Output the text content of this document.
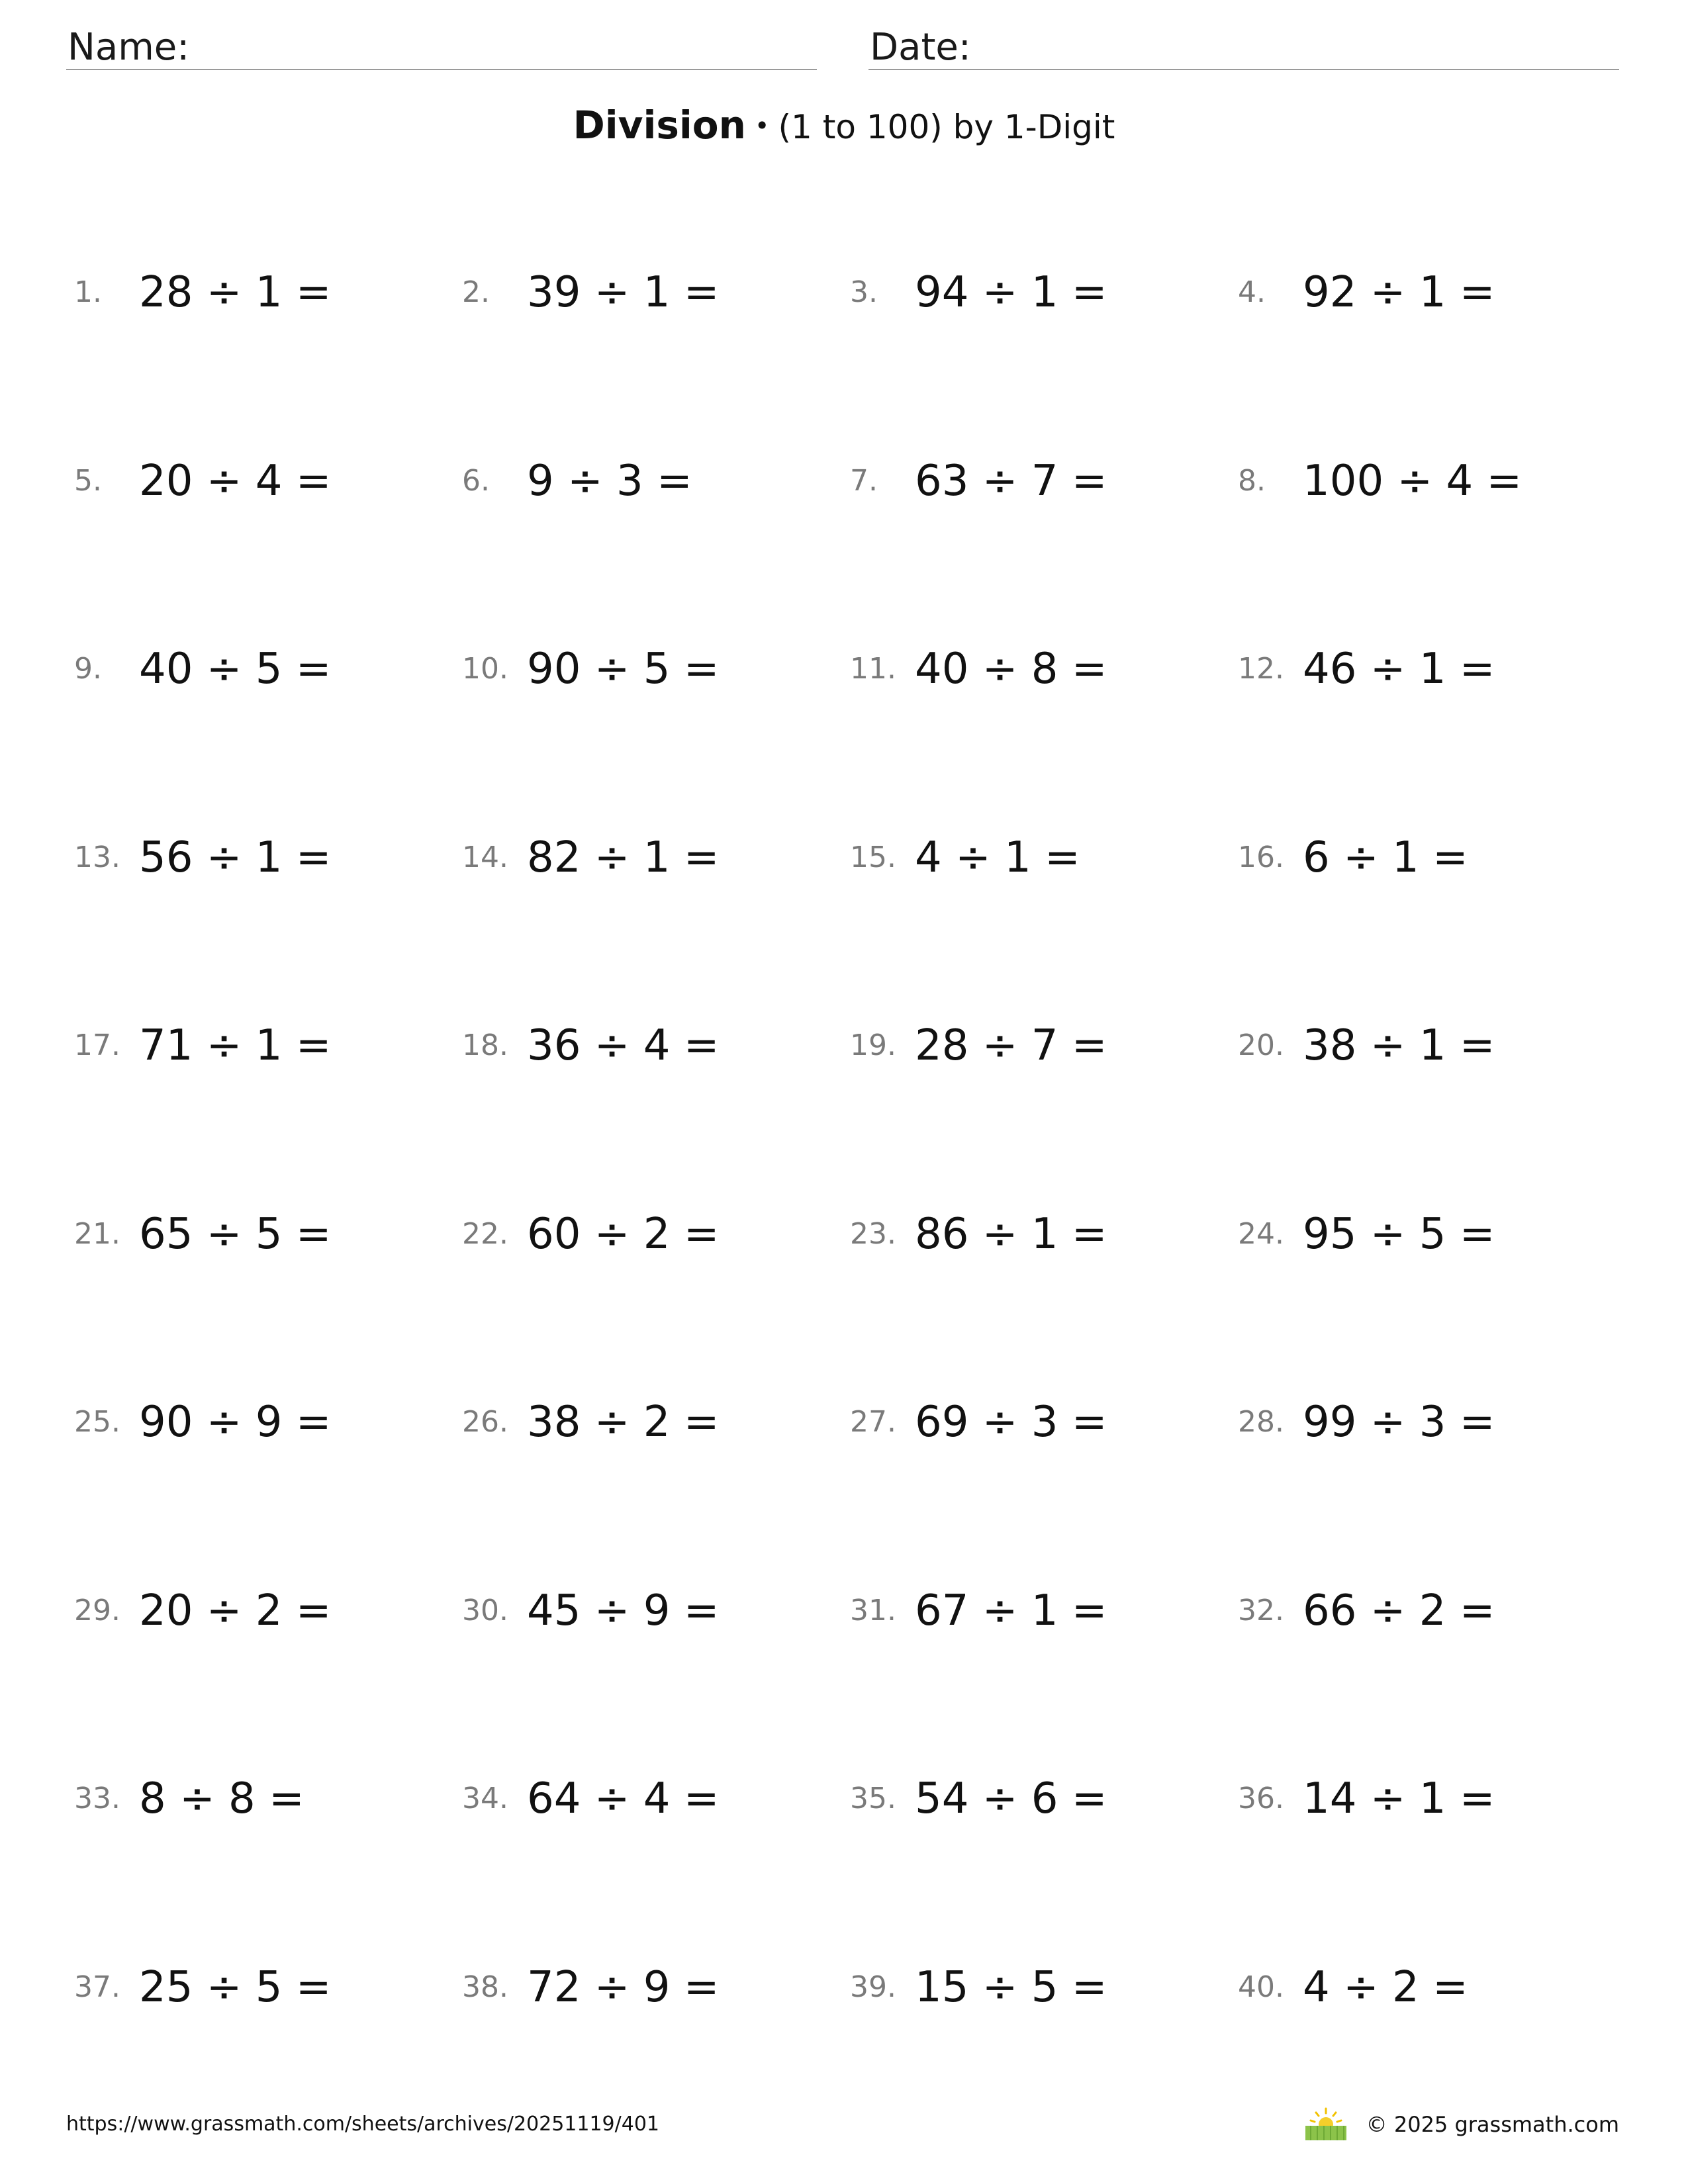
Name:	Date:
Division • (1 to 100) by 1-Digit
1. 28 ÷ 1 =	2. 39 ÷ 1 =	3. 94 ÷ 1 =	4. 92 ÷ 1 =
5. 20 ÷ 4 =	6. 9 ÷ 3 =	7. 63 ÷ 7 =	8. 100 ÷ 4 =
9. 40 ÷ 5 =	10. 90 ÷ 5 =	11. 40 ÷ 8 =	12. 46 ÷ 1 =
13. 56 ÷ 1 =	14. 82 ÷ 1 =	15. 4 ÷ 1 =	16. 6 ÷ 1 =
17. 71 ÷ 1 =	18. 36 ÷ 4 =	19. 28 ÷ 7 =	20. 38 ÷ 1 =
21. 65 ÷ 5 =	22. 60 ÷ 2 =	23. 86 ÷ 1 =	24. 95 ÷ 5 =
25. 90 ÷ 9 =	26. 38 ÷ 2 =	27. 69 ÷ 3 =	28. 99 ÷ 3 =
29. 20 ÷ 2 =	30. 45 ÷ 9 =	31. 67 ÷ 1 =	32. 66 ÷ 2 =
33. 8 ÷ 8 =	34. 64 ÷ 4 =	35. 54 ÷ 6 =	36. 14 ÷ 1 =
37. 25 ÷ 5 =	38. 72 ÷ 9 =	39. 15 ÷ 5 =	40. 4 ÷ 2 =
https://www.grassmath.com/sheets/archives/20251119/401	© 2025 grassmath.com
